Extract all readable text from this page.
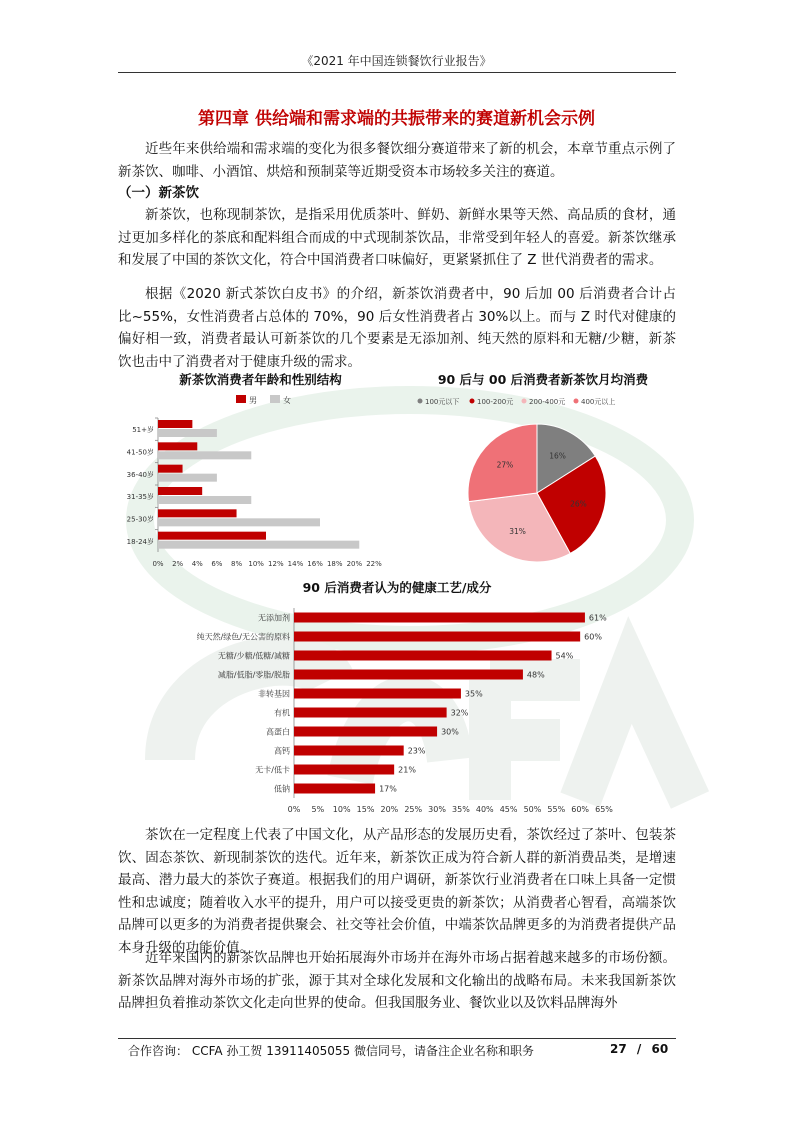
《2021 年中国连锁餐饮行业报告》
第四章 供给端和需求端的共振带来的赛道新机会示例
近些年来供给端和需求端的变化为很多餐饮细分赛道带来了新的机会，本章节重点示例了新茶饮、咖啡、小酒馆、烘焙和预制菜等近期受资本市场较多关注的赛道。
（一）新茶饮
新茶饮，也称现制茶饮，是指采用优质茶叶、鲜奶、新鲜水果等天然、高品质的食材，通过更加多样化的茶底和配料组合而成的中式现制茶饮品，非常受到年轻人的喜爱。新茶饮继承和发展了中国的茶饮文化，符合中国消费者口味偏好，更紧紧抓住了 Z 世代消费者的需求。
根据《2020 新式茶饮白皮书》的介绍，新茶饮消费者中，90 后加 00 后消费者合计占比~55%，女性消费者占总体的 70%，90 后女性消费者占 30%以上。而与 Z 时代对健康的偏好相一致，消费者最认可新茶饮的几个要素是无添加剂、纯天然的原料和无糖/少糖，新茶饮也击中了消费者对于健康升级的需求。
新茶饮消费者年龄和性别结构
男	女
51+岁
41-50岁
36-40岁
31-35岁
25-30岁
18-24岁
0% 2% 4% 6% 8% 10% 12% 14% 16% 18% 20% 22%
90 后与 00 后消费者新茶饮月均消费
100元以下	100-200元 200-400元 400元以上
16%
26%
31%
27%
90 后消费者认为的健康工艺/成分
无添加剂	61%
纯天然/绿色/无公害的原料	60%
无糖/少糖/低糖/减糖	54%
减脂/低脂/零脂/脱脂	48%
非转基因	35%
有机	32%
高蛋白	30%
高钙	23%
无卡/低卡	21%
低钠	17%
0% 5% 10% 15% 20% 25% 30% 35% 40% 45% 50% 55% 60% 65%
茶饮在一定程度上代表了中国文化，从产品形态的发展历史看，茶饮经过了茶叶、包装茶饮、固态茶饮、新现制茶饮的迭代。近年来，新茶饮正成为符合新人群的新消费品类，是增速最高、潜力最大的茶饮子赛道。根据我们的用户调研，新茶饮行业消费者在口味上具备一定惯性和忠诚度；随着收入水平的提升，用户可以接受更贵的新茶饮；从消费者心智看，高端茶饮品牌可以更多的为消费者提供聚会、社交等社会价值，中端茶饮品牌更多的为消费者提供产品本身升级的功能价值。
近年来国内的新茶饮品牌也开始拓展海外市场并在海外市场占据着越来越多的市场份额。新茶饮品牌对海外市场的扩张，源于其对全球化发展和文化输出的战略布局。未来我国新茶饮品牌担负着推动茶饮文化走向世界的使命。但我国服务业、餐饮业以及饮料品牌海外
合作咨询： CCFA 孙工贺 13911405055 微信同号，请备注企业名称和职务	27 / 60
